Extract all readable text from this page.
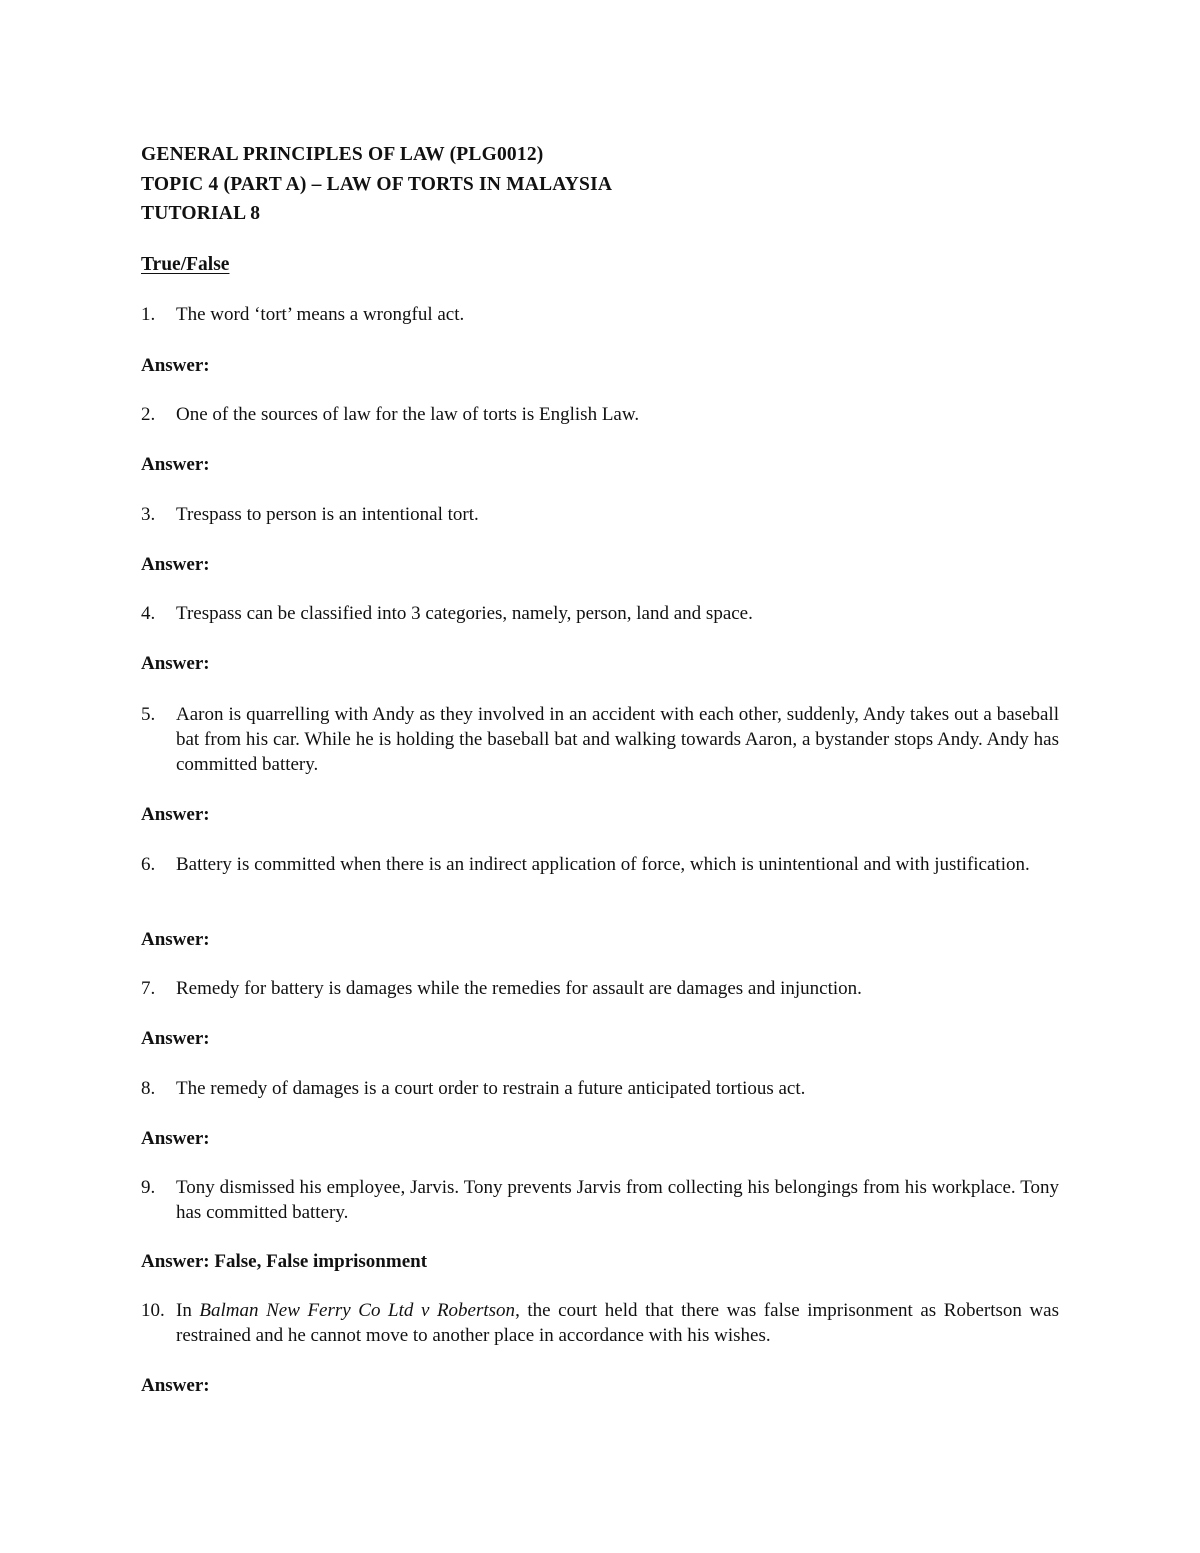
GENERAL PRINCIPLES OF LAW (PLG0012)
TOPIC 4 (PART A) – LAW OF TORTS IN MALAYSIA
TUTORIAL 8
True/False
1.	The word ‘tort’ means a wrongful act.
Answer:
2.	One of the sources of law for the law of torts is English Law.
Answer:
3.	Trespass to person is an intentional tort.
Answer:
4.	Trespass can be classified into 3 categories, namely, person, land and space.
Answer:
5.	Aaron is quarrelling with Andy as they involved in an accident with each other, suddenly, Andy takes out a baseball bat from his car. While he is holding the baseball bat and walking towards Aaron, a bystander stops Andy. Andy has committed battery.
Answer:
6.	Battery is committed when there is an indirect application of force, which is unintentional and with justification.
Answer:
7.	Remedy for battery is damages while the remedies for assault are damages and injunction.
Answer:
8.	The remedy of damages is a court order to restrain a future anticipated tortious act.
Answer:
9.	Tony dismissed his employee, Jarvis. Tony prevents Jarvis from collecting his belongings from his workplace. Tony has committed battery.
Answer: False, False imprisonment
10. In Balman New Ferry Co Ltd v Robertson, the court held that there was false imprisonment as Robertson was restrained and he cannot move to another place in accordance with his wishes.
Answer:
